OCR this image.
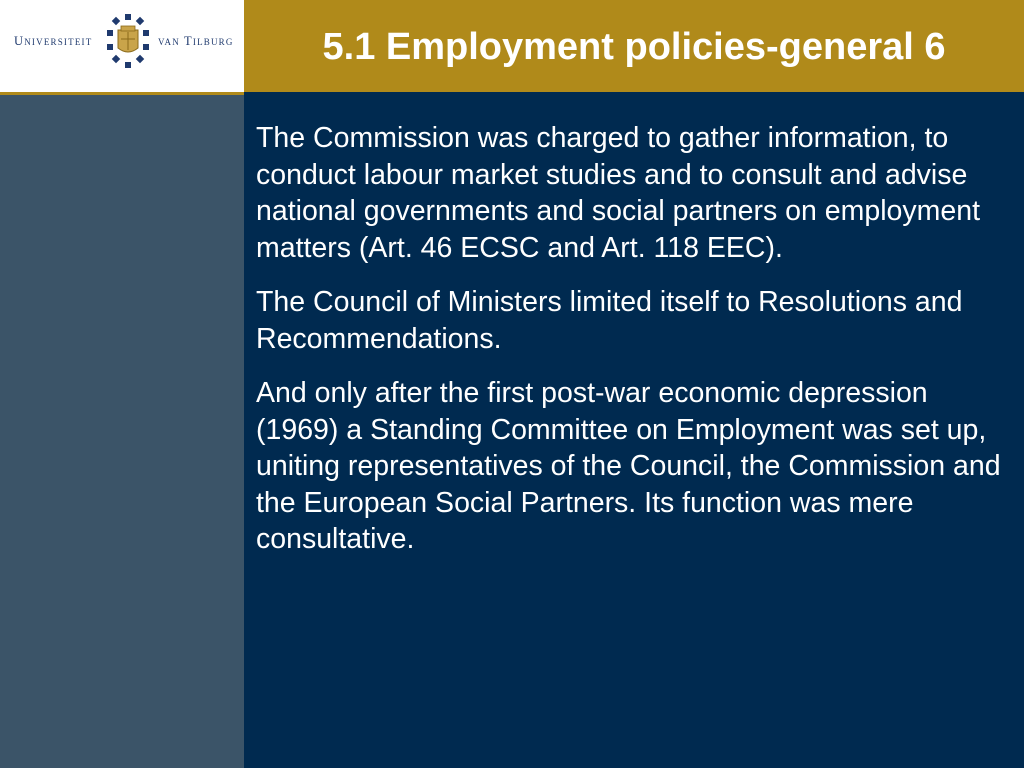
Universiteit	van Tilburg	5.1 Employment policies-general 6

The Commission was charged to gather information, to conduct labour market studies and to consult and advise national governments and social partners on employment matters (Art. 46 ECSC and Art. 118 EEC).

The Council of Ministers limited itself to Resolutions and Recommendations.

And only after the first post-war economic depression (1969) a Standing Committee on Employment was set up, uniting representatives of the Council, the Commission and the European Social Partners. Its function was mere consultative.
